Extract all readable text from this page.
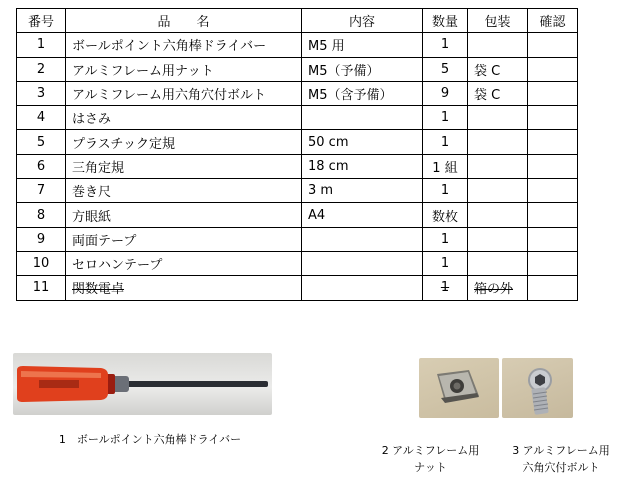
番号	品　　名	内容	数量	包装	確認
1	ボールポイント六角棒ドライバー	M5 用	1		
2	アルミフレーム用ナット	M5（予備）	5	袋 C	
3	アルミフレーム用六角穴付ボルト	M5（含予備）	9	袋 C	
4	はさみ		1		
5	プラスチック定規	50 cm	1		
6	三角定規	18 cm	1 組		
7	巻き尺	3 m	1		
8	方眼紙	A4	数枚		
9	両面テープ		1		
10	セロハンテープ		1		
11	関数電卓		1	箱の外	
1　ボールポイント六角棒ドライバー
2 アルミフレーム用
ナット
3 アルミフレーム用
六角穴付ボルト
